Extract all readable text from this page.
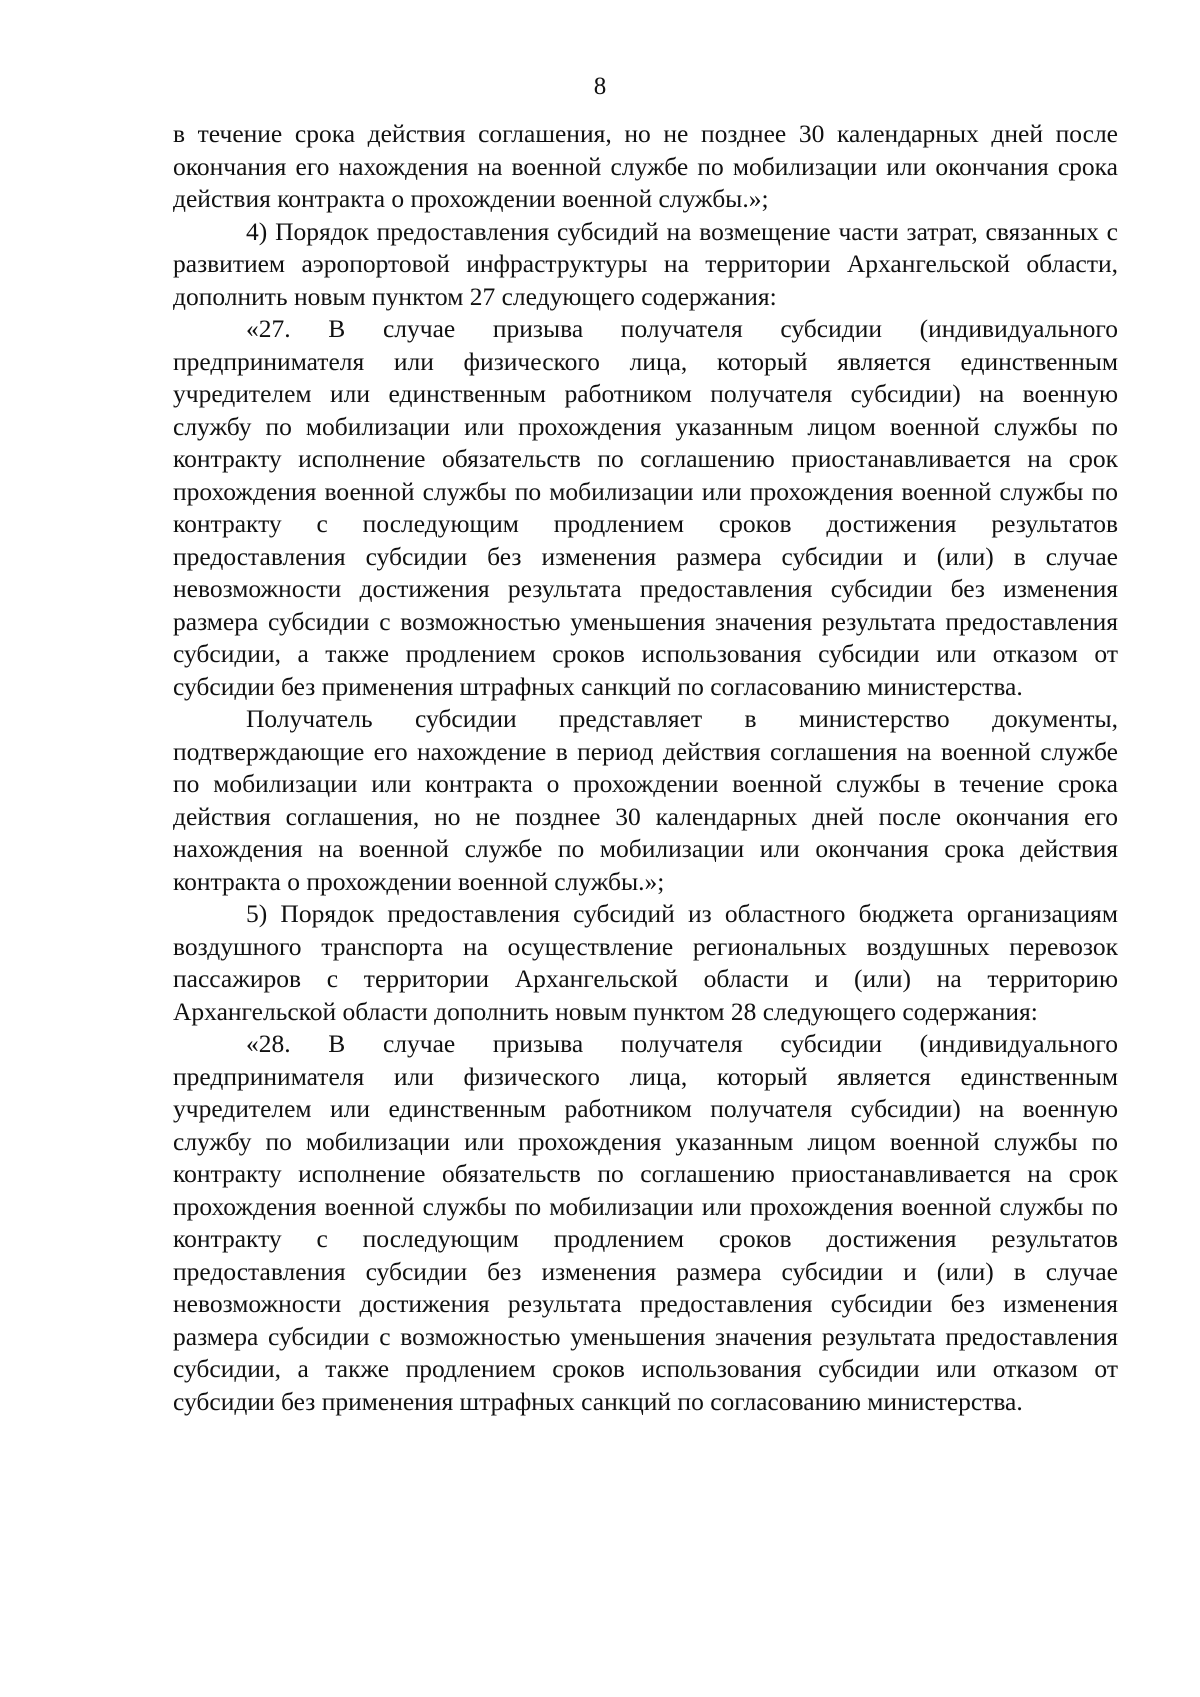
8

в течение срока действия соглашения, но не позднее 30 календарных дней после окончания его нахождения на военной службе по мобилизации или окончания срока действия контракта о прохождении военной службы.»;

4) Порядок предоставления субсидий на возмещение части затрат, связанных с развитием аэропортовой инфраструктуры на территории Архангельской области, дополнить новым пунктом 27 следующего содержания:

«27. В случае призыва получателя субсидии (индивидуального предпринимателя или физического лица, который является единственным учредителем или единственным работником получателя субсидии) на военную службу по мобилизации или прохождения указанным лицом военной службы по контракту исполнение обязательств по соглашению приостанавливается на срок прохождения военной службы по мобилизации или прохождения военной службы по контракту с последующим продлением сроков достижения результатов предоставления субсидии без изменения размера субсидии и (или) в случае невозможности достижения результата предоставления субсидии без изменения размера субсидии с возможностью уменьшения значения результата предоставления субсидии, а также продлением сроков использования субсидии или отказом от субсидии без применения штрафных санкций по согласованию министерства.

Получатель субсидии представляет в министерство документы, подтверждающие его нахождение в период действия соглашения на военной службе по мобилизации или контракта о прохождении военной службы в течение срока действия соглашения, но не позднее 30 календарных дней после окончания его нахождения на военной службе по мобилизации или окончания срока действия контракта о прохождении военной службы.»;

5) Порядок предоставления субсидий из областного бюджета организациям воздушного транспорта на осуществление региональных воздушных перевозок пассажиров с территории Архангельской области и (или) на территорию Архангельской области дополнить новым пунктом 28 следующего содержания:

«28. В случае призыва получателя субсидии (индивидуального предпринимателя или физического лица, который является единственным учредителем или единственным работником получателя субсидии) на военную службу по мобилизации или прохождения указанным лицом военной службы по контракту исполнение обязательств по соглашению приостанавливается на срок прохождения военной службы по мобилизации или прохождения военной службы по контракту с последующим продлением сроков достижения результатов предоставления субсидии без изменения размера субсидии и (или) в случае невозможности достижения результата предоставления субсидии без изменения размера субсидии с возможностью уменьшения значения результата предоставления субсидии, а также продлением сроков использования субсидии или отказом от субсидии без применения штрафных санкций по согласованию министерства.
